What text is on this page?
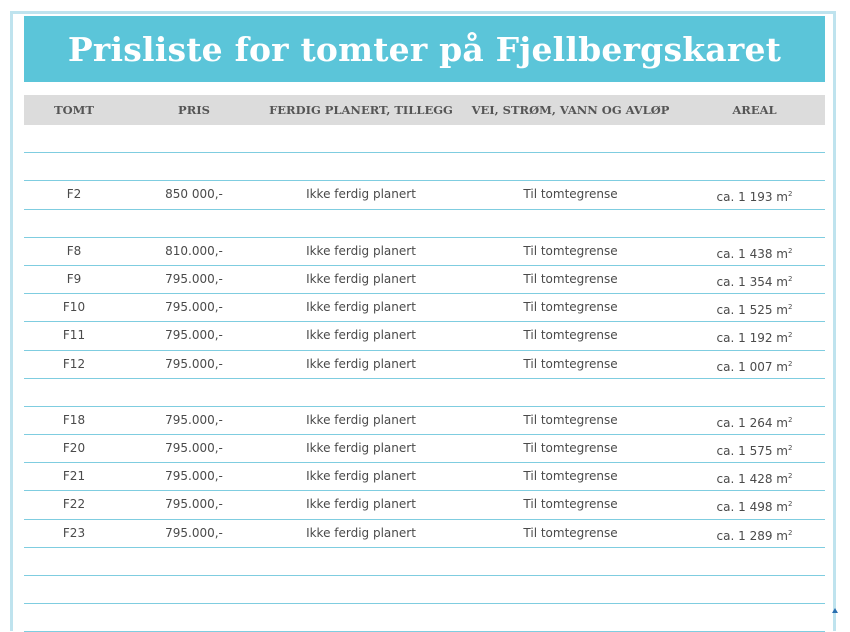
Prisliste for tomter på Fjellbergskaret
TOMT	PRIS	FERDIG PLANERT, TILLEGG	VEI, STRØM, VANN OG AVLØP	AREAL
F2	850 000,-	Ikke ferdig planert	Til tomtegrense	ca. 1 193 $m^2$
F8	810.000,-	Ikke ferdig planert	Til tomtegrense	ca. 1 438 $m^2$
F9	795.000,-	Ikke ferdig planert	Til tomtegrense	ca. 1 354 $m^2$
F10	795.000,-	Ikke ferdig planert	Til tomtegrense	ca. 1 525 $m^2$
F11	795.000,-	Ikke ferdig planert	Til tomtegrense	ca. 1 192 $m^2$
F12	795.000,-	Ikke ferdig planert	Til tomtegrense	ca. 1 007 $m^2$
F18	795.000,-	Ikke ferdig planert	Til tomtegrense	ca. 1 264 $m^2$
F20	795.000,-	Ikke ferdig planert	Til tomtegrense	ca. 1 575 $m^2$
F21	795.000,-	Ikke ferdig planert	Til tomtegrense	ca. 1 428 $m^2$
F22	795.000,-	Ikke ferdig planert	Til tomtegrense	ca. 1 498 $m^2$
F23	795.000,-	Ikke ferdig planert	Til tomtegrense	ca. 1 289 $m^2$
